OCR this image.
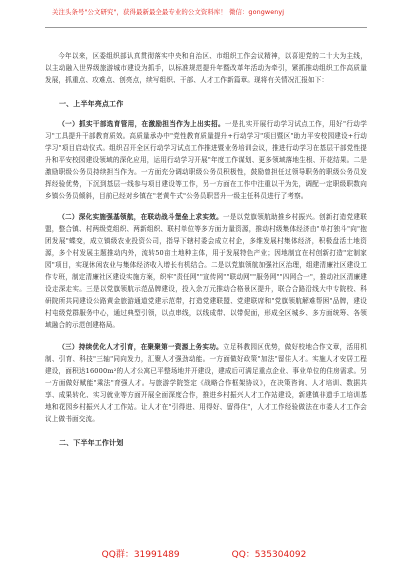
关注头条号"公文研究"，获得最新最全最专业的公文资料库！ 微信：gongwenyj

今年以来，区委组织部认真贯彻落实中央和自治区、市组织工作会议精神，以喜迎党的二十大为主线，以主动融入世界级旅游城市建设为抓手，以标准规范提升年暨改革年活动为牵引，紧抓推动组织工作高质量发展，抓重点、攻难点、创亮点，续写组织、干部、人才工作新篇章。现将有关情况汇报如下：

一、上半年亮点工作

（一）抓实干部选育管用，在激励担当作为上出实招。一是扎实开展行动学习试点工作，用好"行动学习"工具提升干部教育质效。高质量承办中"党性教育质量提升+行动学习"项目暨区"助力平安校园建设+行动学习"项目启动仪式。组织召开全区行动学习试点工作推进暨业务培训会议，推进行动学习在基层干部党性提升和平安校园建设领域的深化应用，运用行动学习开展"年度工作谋划、更多领域落地生根、开花结果。二是激励职级公务员持续担当作为。一方面充分调动职级公务员积极性，鼓励曾担任过领导职务的职级公务员发挥经验优势，下沉到基层一线参与项目建设等工作，另一方面在工作中注重以干为先，调配一定职级职数向乡镇公务员倾斜，目前已经对乡镇在"老黄牛式"公务员职晋升一级主任科员进行了考察。

（二）深化实施强基领航，在联动战斗堡垒上求实效。一是以党旗领航助推乡村振兴。创新打造党建联盟，整合镇、村两级党组织、两新组织、联村单位等多方面力量资源，推动村级集体经济由"单打独斗"向"抱团发展"蝶变，成立镇级农业投资公司，指导下辖村委会成立村企，多维发展村集体经济，积极盘活土地资源，多个村发展主题推动内外，流转50亩土地种主体，用于发展特色产业；因地制宜在村创新打造"定制家园"项目，实现休闲农业与集体经济收入增长有机结合。二是以党旗领航加强社区治理，组建清廉社区建设工作专班，制定清廉社区建设实施方案，织牢"责任网""宣传网""联动网""服务网""四网合一"，推动社区清廉建设走深走实。三是以党旗领航示范品牌建设，投入余万元推动合格景区提升，联合合路沿线大中专院校、科研院所共同建设公路黄金旅游通道党建示范带，打造党建联盟、党建联席和"党旗领航解难帮困"品牌，建设村屯级党群服务中心，通过典型引领，以点串线，以线成带、以带促面，形成全区城乡、多方面统筹、各领域融合的示范创建格局。

（三）持续优化人才引育，在聚聚第一资源上务实功。立足科教园区优势，做好校地合作文章，活用机制、引育、科技"三轴"同向发力，汇聚人才强劲动能。一方面做好政策"加法"留住人才。实施人才安居工程建设，面积达16000m²的人才公寓已平整场地并开建设，建成后可满足重点企业、事业单位的住房需求。另一方面做好赋能"乘法"育强人才。与旅游学院签定《战略合作框架协议》，在决策咨询、人才培训、数据共享、成果转化、实习就业等方面开展全面深度合作，推进乡村振兴人才工作站建设，新建镇非遗手工培训基地和花园乡村振兴人才工作站。让人才在"引得进、用得好、留得住"，人才工作经验做法在市委人才工作会议上做书面交流。

二、下半年工作计划
QQ群：31991489	QQ：535304092
